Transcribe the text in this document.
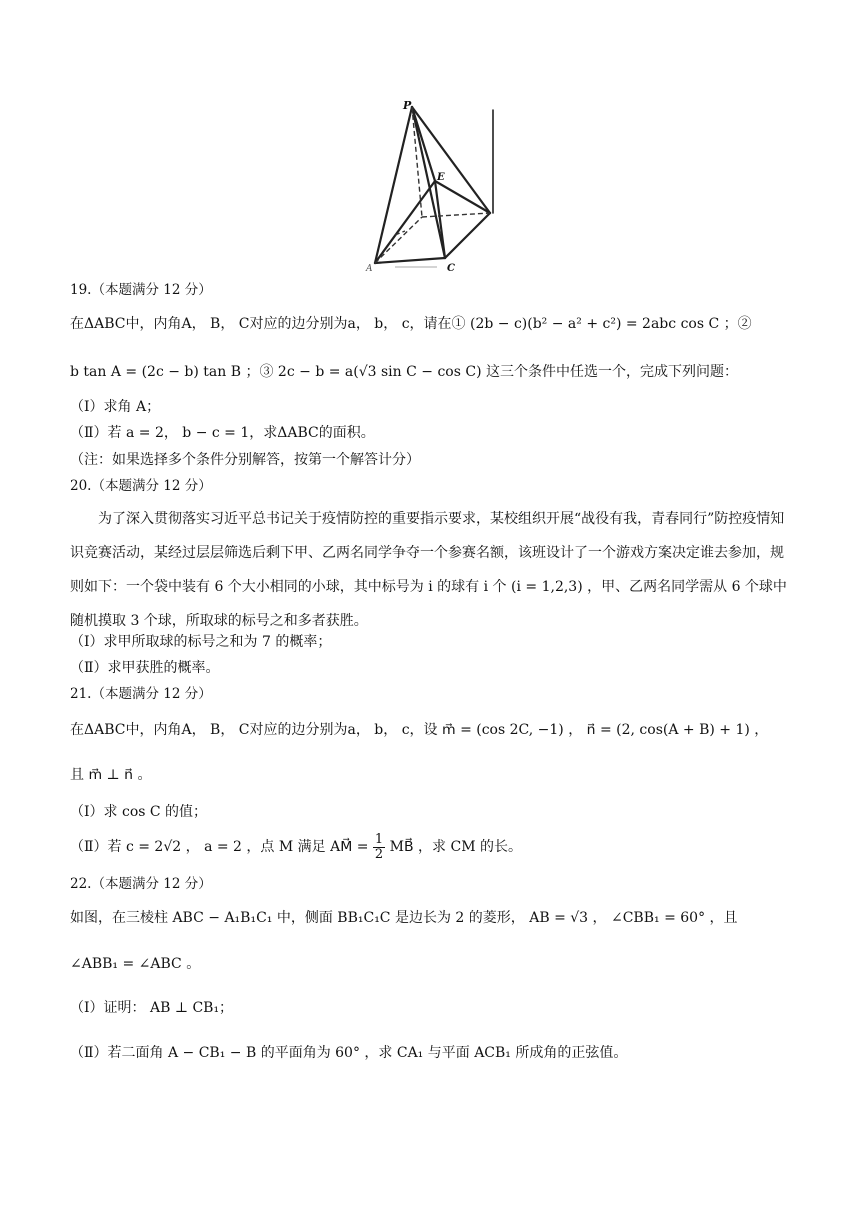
P
E
C
A
19.（本题满分 12 分）
在ΔABC中，内角A， B， C对应的边分别为a， b， c，请在① (2b − c)(b² − a² + c²) = 2abc cos C ；②
b tan A = (2c − b) tan B ；③ 2c − b = a(√3 sin C − cos C) 这三个条件中任选一个，完成下列问题：
（Ⅰ）求角 A；
（Ⅱ）若 a = 2， b − c = 1，求ΔABC的面积。
（注：如果选择多个条件分别解答，按第一个解答计分）
20.（本题满分 12 分）
为了深入贯彻落实习近平总书记关于疫情防控的重要指示要求，某校组织开展“战役有我，青春同行”防控疫情知识竞赛活动，某经过层层筛选后剩下甲、乙两名同学争夺一个参赛名额，该班设计了一个游戏方案决定谁去参加，规则如下：一个袋中装有 6 个大小相同的小球，其中标号为 i 的球有 i 个 (i = 1,2,3) ，甲、乙两名同学需从 6 个球中随机摸取 3 个球，所取球的标号之和多者获胜。
（Ⅰ）求甲所取球的标号之和为 7 的概率；
（Ⅱ）求甲获胜的概率。
21.（本题满分 12 分）
在ΔABC中，内角A， B， C对应的边分别为a， b， c，设 m⃗ = (cos 2C, −1) ， n⃗ = (2, cos(A + B) + 1) ，
且 m⃗ ⊥ n⃗ 。
（Ⅰ）求 cos C 的值；
（Ⅱ）若 c = 2√2 ， a = 2 ，点 M 满足 AM⃗ = $\frac{1}{2}$ MB⃗ ，求 CM 的长。
22.（本题满分 12 分）
如图，在三棱柱 ABC − A₁B₁C₁ 中，侧面 BB₁C₁C 是边长为 2 的菱形， AB = √3 ， ∠CBB₁ = 60° ，且
∠ABB₁ = ∠ABC 。
（Ⅰ）证明： AB ⊥ CB₁；
（Ⅱ）若二面角 A − CB₁ − B 的平面角为 60° ，求 CA₁ 与平面 ACB₁ 所成角的正弦值。
